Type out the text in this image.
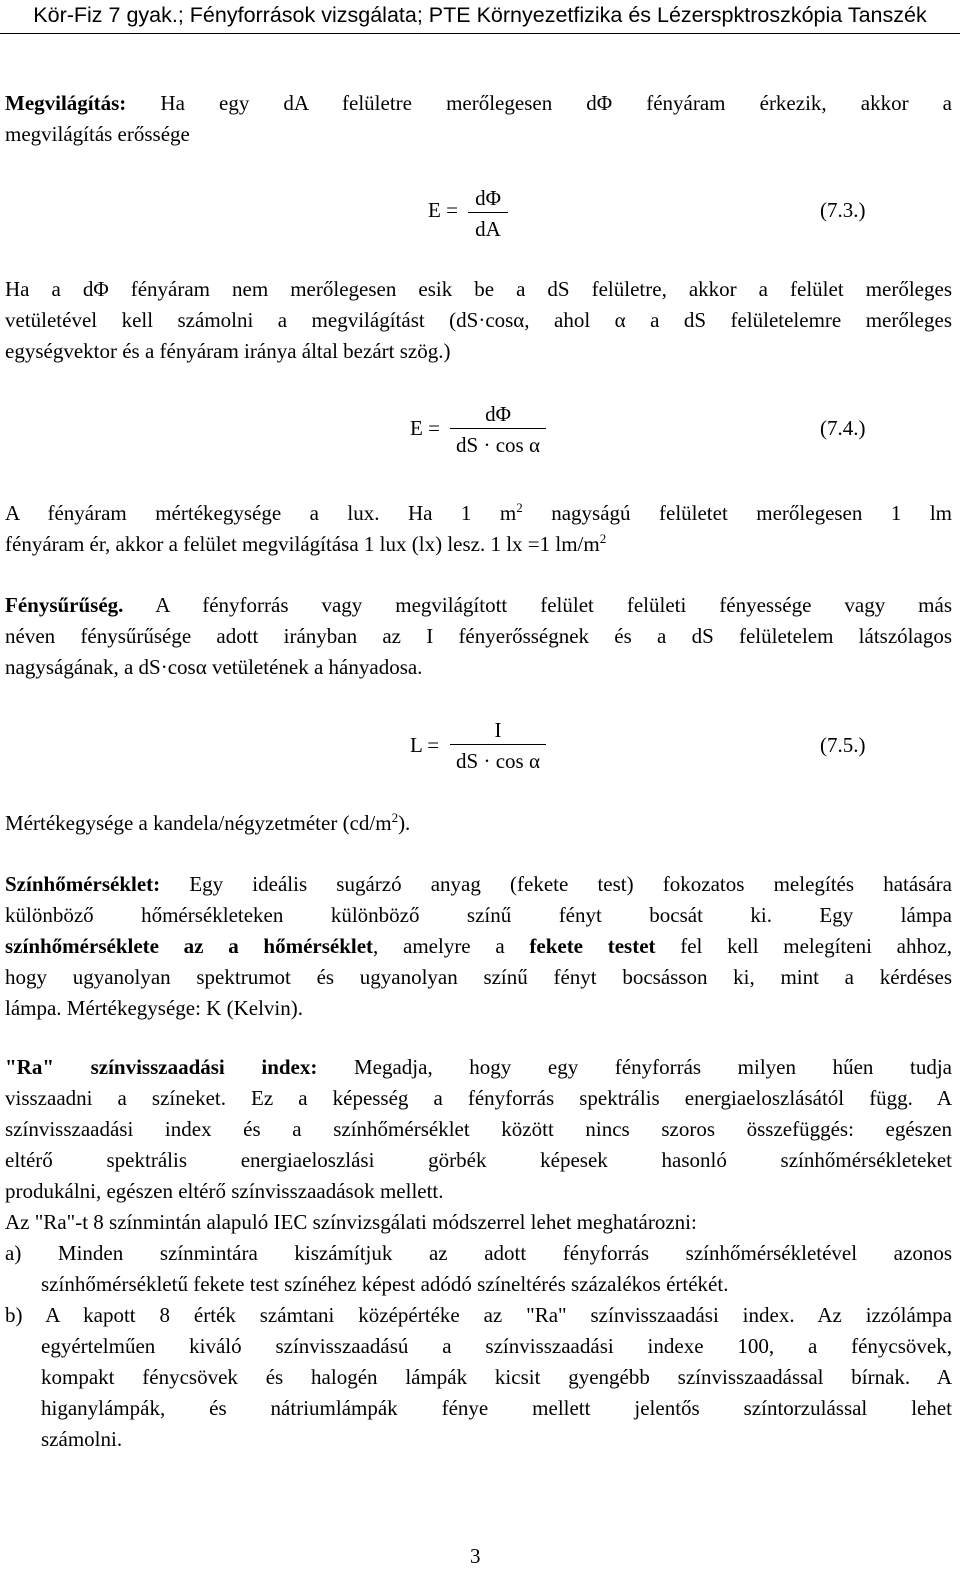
Kör-Fiz 7 gyak.; Fényforrások vizsgálata; PTE Környezetfizika és Lézerspktroszkópia Tanszék
Megvilágítás: Ha egy dA felületre merőlegesen dΦ fényáram érkezik, akkor a
megvilágítás erőssége
E = dΦ
dA
(7.3.)
Ha a dΦ fényáram nem merőlegesen esik be a dS felületre, akkor a felület merőleges
vetületével kell számolni a megvilágítást (dS·cosα, ahol α a dS felületelemre merőleges
egységvektor és a fényáram iránya által bezárt szög.)
E =
dΦ
dS · cos α
(7.4.)
A fényáram mértékegysége a lux. Ha 1 $m^2$ nagyságú felületet merőlegesen 1 lm
fényáram ér, akkor a felület megvilágítása 1 lux (lx) lesz. 1 lx =1 $lm/m^2$
Fénysűrűség. A fényforrás vagy megvilágított felület felületi fényessége vagy más
néven fénysűrűsége adott irányban az I fényerősségnek és a dS felületelem látszólagos
nagyságának, a dS·cosα vetületének a hányadosa.
L =
I
dS · cos α
(7.5.)
Mértékegysége a kandela/négyzetméter $(cd/m^2)$.
Színhőmérséklet: Egy ideális sugárzó anyag (fekete test) fokozatos melegítés hatására
különböző hőmérsékleteken különböző színű fényt bocsát ki. Egy lámpa
színhőmérséklete az a hőmérséklet, amelyre a fekete testet fel kell melegíteni ahhoz,
hogy ugyanolyan spektrumot és ugyanolyan színű fényt bocsásson ki, mint a kérdéses
lámpa. Mértékegysége: K (Kelvin).
"Ra" színvisszaadási index: Megadja, hogy egy fényforrás milyen hűen tudja
visszaadni a színeket. Ez a képesség a fényforrás spektrális energiaeloszlásától függ. A
színvisszaadási index és a színhőmérséklet között nincs szoros összefüggés: egészen
eltérő spektrális energiaeloszlási görbék képesek hasonló színhőmérsékleteket
produkálni, egészen eltérő színvisszaadások mellett.
Az "Ra"-t 8 színmintán alapuló IEC színvizsgálati módszerrel lehet meghatározni:
a) Minden színmintára kiszámítjuk az adott fényforrás színhőmérsékletével azonos
színhőmérsékletű fekete test színéhez képest adódó színeltérés százalékos értékét.
b) A kapott 8 érték számtani középértéke az "Ra" színvisszaadási index. Az izzólámpa
egyértelműen kiváló színvisszaadású a színvisszaadási indexe 100, a fénycsövek,
kompakt fénycsövek és halogén lámpák kicsit gyengébb színvisszaadással bírnak. A
higanylámpák, és nátriumlámpák fénye mellett jelentős színtorzulással lehet
számolni.
3
